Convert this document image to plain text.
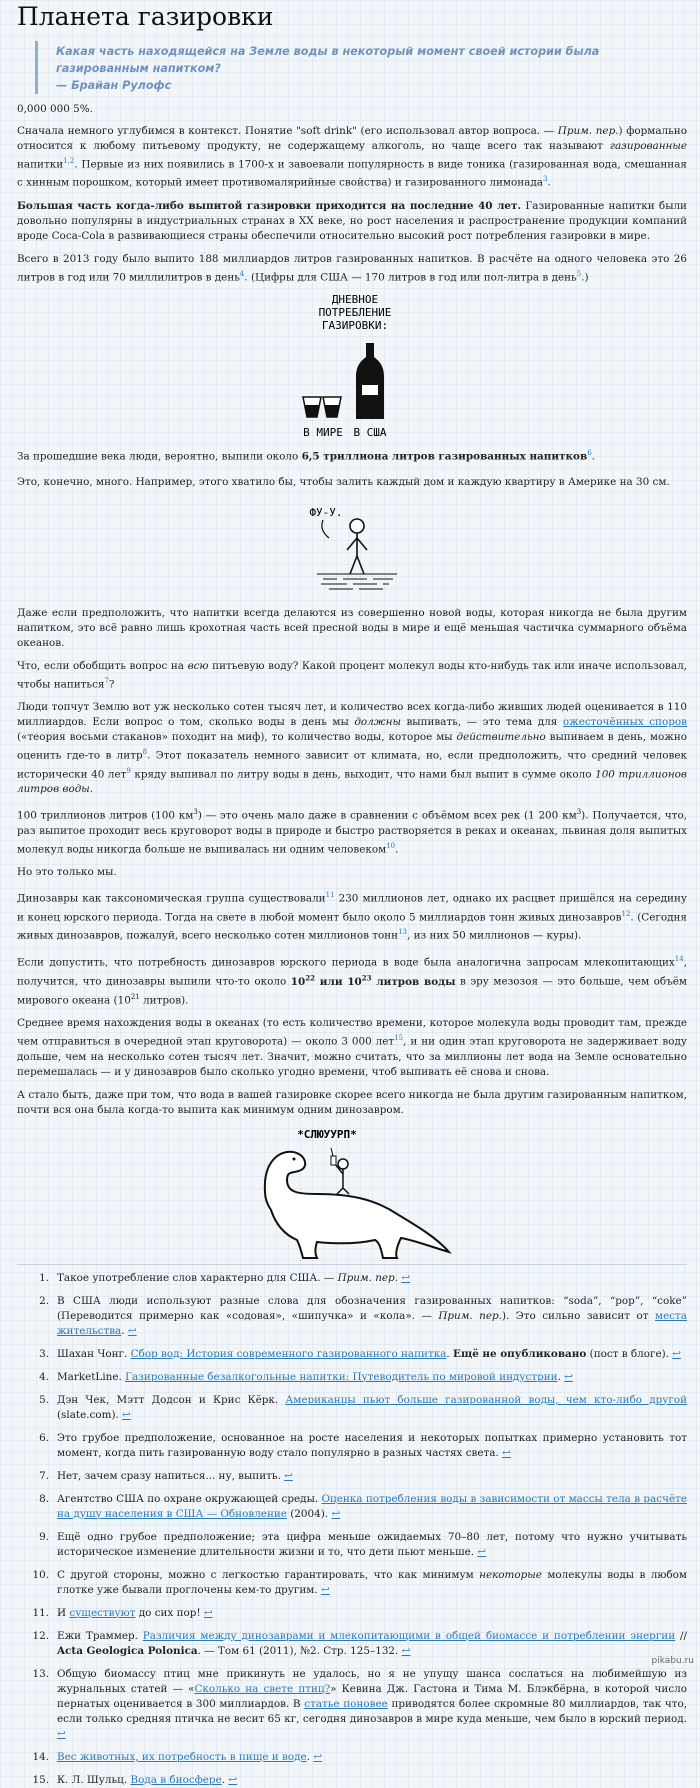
Планета газировки

Какая часть находящейся на Земле воды в некоторый момент своей истории была газированным напитком?

— Брайан Рулофс

0,000 000 5%.

Сначала немного углубимся в контекст. Понятие "soft drink" (его использовал автор вопроса. — Прим. пер.) формально относится к любому питьевому продукту, не содержащему алкоголь, но чаще всего так называют газированные напитки$^{1,2}$. Первые из них появились в 1700-х и завоевали популярность в виде тоника (газированная вода, смешанная с хинным порошком, который имеет противомалярийные свойства) и газированного лимонада$^3$.

Большая часть когда-либо выпитой газировки приходится на последние 40 лет. Газированные напитки были довольно популярны в индустриальных странах в XX веке, но рост населения и распространение продукции компаний вроде Coca-Cola в развивающиеся страны обеспечили относительно высокий рост потребления газировки в мире.

Всего в 2013 году было выпито 188 миллиардов литров газированных напитков. В расчёте на одного человека это 26 литров в год или 70 миллилитров в день$^4$. (Цифры для США — 170 литров в год или пол-литра в день$^5$.)

ДНЕВНОЕ
ПОТРЕБЛЕНИЕ
ГАЗИРОВКИ:
В МИРЕ В США

За прошедшие века люди, вероятно, выпили около 6,5 триллиона литров газированных напитков$^6$.

Это, конечно, много. Например, этого хватило бы, чтобы залить каждый дом и каждую квартиру в Америке на 30 см.

ФУ-У.

Даже если предположить, что напитки всегда делаются из совершенно новой воды, которая никогда не была другим напитком, это всё равно лишь крохотная часть всей пресной воды в мире и ещё меньшая частичка суммарного объёма океанов.

Что, если обобщить вопрос на всю питьевую воду? Какой процент молекул воды кто-нибудь так или иначе использовал, чтобы напиться$^7$?

Люди топчут Землю вот уж несколько сотен тысяч лет, и количество всех когда-либо живших людей оценивается в 110 миллиардов. Если вопрос о том, сколько воды в день мы должны выпивать, — это тема для ожесточённых споров («теория восьми стаканов» походит на миф), то количество воды, которое мы действительно выпиваем в день, можно оценить где-то в литр$^8$. Этот показатель немного зависит от климата, но, если предположить, что средний человек исторически 40 лет$^9$ кряду выпивал по литру воды в день, выходит, что нами был выпит в сумме около 100 триллионов литров воды.

100 триллионов литров (100 $км^3$) — это очень мало даже в сравнении с объёмом всех рек (1 200 $км^3$). Получается, что, раз выпитое проходит весь круговорот воды в природе и быстро растворяется в реках и океанах, львиная доля выпитых молекул воды никогда больше не выпивалась ни одним человеком$^{10}$.

Но это только мы.

Динозавры как таксономическая группа существовали$^{11}$ 230 миллионов лет, однако их расцвет пришёлся на середину и конец юрского периода. Тогда на свете в любой момент было около 5 миллиардов тонн живых динозавров$^{12}$. (Сегодня живых динозавров, пожалуй, всего несколько сотен миллионов тонн$^{13}$, из них 50 миллионов — куры).

Если допустить, что потребность динозавров юрского периода в воде была аналогична запросам млекопитающих$^{14}$, получится, что динозавры выпили что-то около $10^{22}$ или $10^{23}$ литров воды в эру мезозоя — это больше, чем объём мирового океана ($10^{21}$ литров).

Среднее время нахождения воды в океанах (то есть количество времени, которое молекула воды проводит там, прежде чем отправиться в очередной этап круговорота) — около 3 000 лет$^{15}$, и ни один этап круговорота не задерживает воду дольше, чем на несколько сотен тысяч лет. Значит, можно считать, что за миллионы лет вода на Земле основательно перемешалась — и у динозавров было сколько угодно времени, чтоб выпивать её снова и снова.

А стало быть, даже при том, что вода в вашей газировке скорее всего никогда не была другим газированным напитком, почти вся она была когда-то выпита как минимум одним динозавром.

*СЛЮУУРП*
1. Такое употребление слов характерно для США. — Прим. пер. ↩
2. В США люди используют разные слова для обозначения газированных напитков: “soda”, “pop”, “coke” (Переводится примерно как «содовая», «шипучка» и «кола». — Прим. пер.). Это сильно зависит от места жительства. ↩
3. Шахан Чонг. Сбор вод: История современного газированного напитка. Ещё не опубликовано (пост в блоге). ↩
4. MarketLine. Газированные безалкогольные напитки: Путеводитель по мировой индустрии. ↩
5. Дэн Чек, Мэтт Додсон и Крис Кёрк. Американцы пьют больше газированной воды, чем кто-либо другой (slate.com). ↩
6. Это грубое предположение, основанное на росте населения и некоторых попытках примерно установить тот момент, когда пить газированную воду стало популярно в разных частях света. ↩
7. Нет, зачем сразу напиться... ну, выпить. ↩
8. Агентство США по охране окружающей среды. Оценка потребления воды в зависимости от массы тела в расчёте на душу населения в США — Обновление (2004). ↩
9. Ещё одно грубое предположение; эта цифра меньше ожидаемых 70–80 лет, потому что нужно учитывать историческое изменение длительности жизни и то, что дети пьют меньше. ↩
10. С другой стороны, можно с легкостью гарантировать, что как минимум некоторые молекулы воды в любом глотке уже бывали проглочены кем-то другим. ↩
11. И существуют до сих пор! ↩
12. Ежи Траммер. Различия между динозаврами и млекопитающими в общей биомассе и потреблении энергии // Acta Geologica Polonica. — Том 61 (2011), №2. Стр. 125–132. ↩
13. Общую биомассу птиц мне прикинуть не удалось, но я не упущу шанса сослаться на любимейшую из журнальных статей — «Сколько на свете птиц?» Кевина Дж. Гастона и Тима М. Блэкбёрна, в которой число пернатых оценивается в 300 миллиардов. В статье поновее приводятся более скромные 80 миллиардов, так что, если только средняя птичка не весит 65 кг, сегодня динозавров в мире куда меньше, чем было в юрский период. ↩
14. Вес животных, их потребность в пище и воде. ↩
15. К. Л. Шульц. Вода в биосфере. ↩
pikabu.ru
